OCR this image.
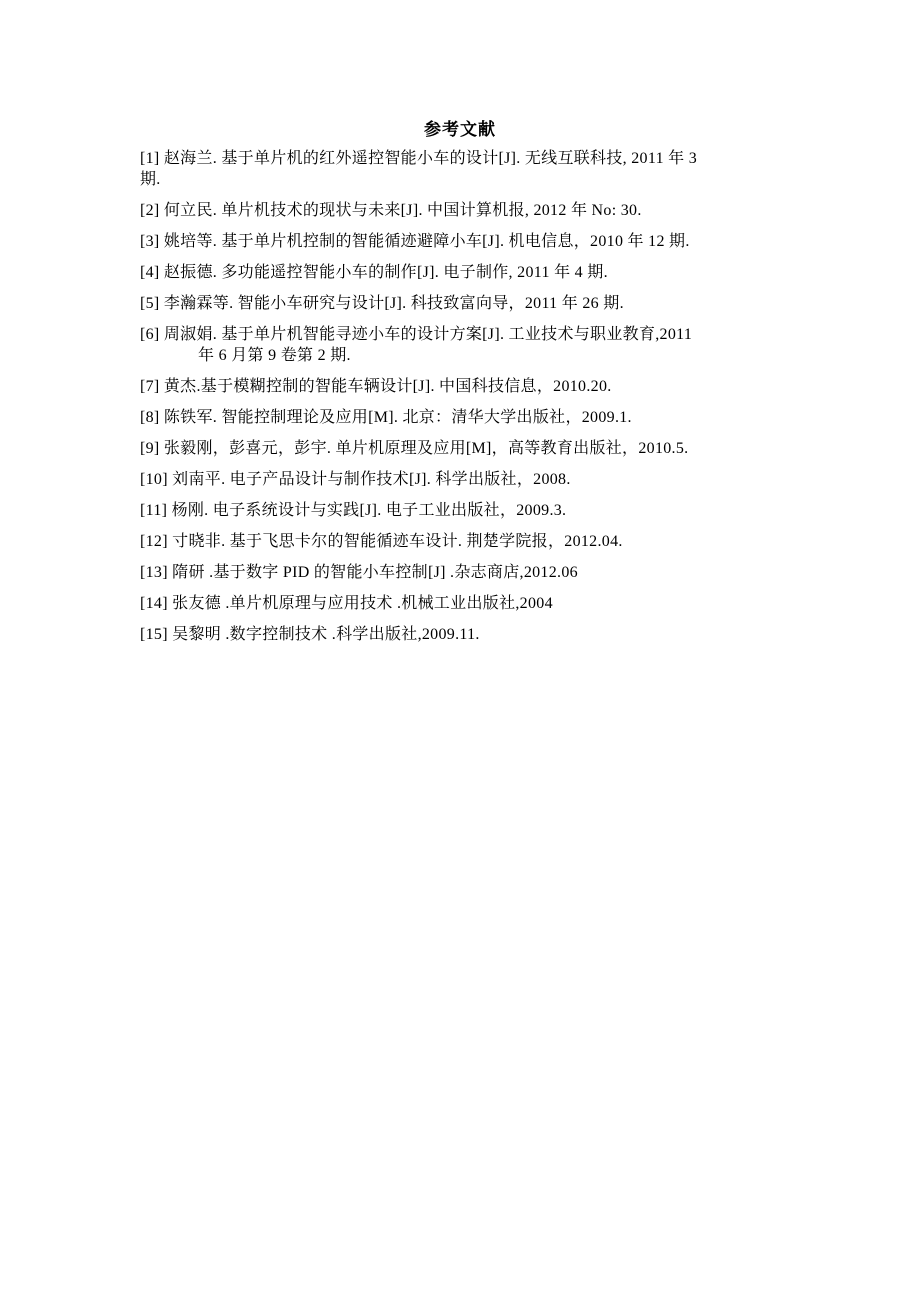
参考文献
[1] 赵海兰. 基于单片机的红外遥控智能小车的设计[J]. 无线互联科技, 2011 年 3
期.
[2] 何立民. 单片机技术的现状与未来[J]. 中国计算机报, 2012 年 No: 30.
[3] 姚培等. 基于单片机控制的智能循迹避障小车[J]. 机电信息，2010 年 12 期.
[4] 赵振德. 多功能遥控智能小车的制作[J]. 电子制作, 2011 年 4 期.
[5] 李瀚霖等. 智能小车研究与设计[J]. 科技致富向导，2011 年 26 期.
[6] 周淑娟. 基于单片机智能寻迹小车的设计方案[J]. 工业技术与职业教育,2011
年 6 月第 9 卷第 2 期.
[7] 黄杰.基于模糊控制的智能车辆设计[J]. 中国科技信息，2010.20.
[8] 陈铁军. 智能控制理论及应用[M]. 北京：清华大学出版社，2009.1.
[9] 张毅刚，彭喜元，彭宇. 单片机原理及应用[M]，高等教育出版社，2010.5.
[10] 刘南平. 电子产品设计与制作技术[J]. 科学出版社，2008.
[11] 杨刚. 电子系统设计与实践[J]. 电子工业出版社，2009.3.
[12] 寸晓非. 基于飞思卡尔的智能循迹车设计. 荆楚学院报，2012.04.
[13] 隋研 .基于数字 PID 的智能小车控制[J] .杂志商店,2012.06
[14] 张友德 .单片机原理与应用技术 .机械工业出版社,2004
[15] 吴黎明 .数字控制技术 .科学出版社,2009.11.
